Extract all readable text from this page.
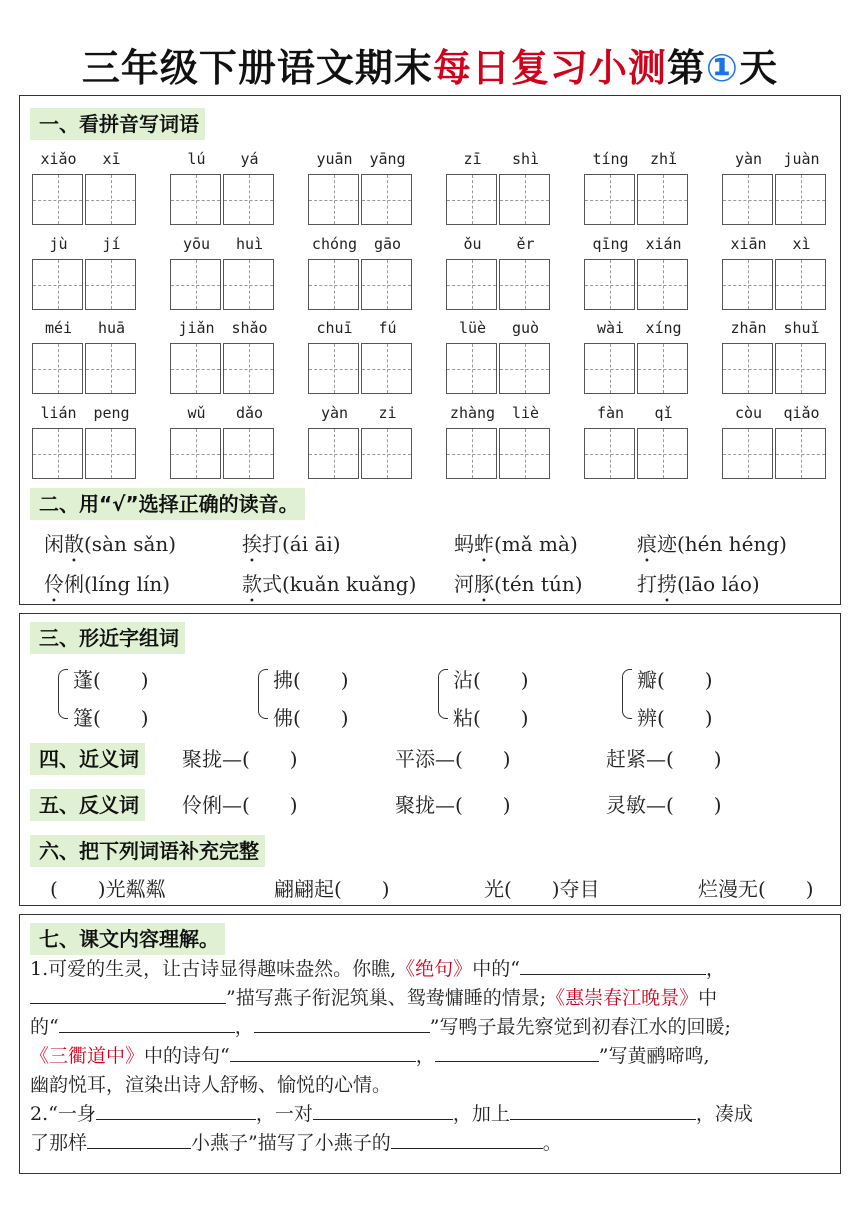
三年级下册语文期末每日复习小测第①天
一、看拼音写词语
xiǎo	xī	lú	yá	yuān	yāng	zī	shì	tíng	zhǐ	yàn	juàn
jù	jí	yōu	huì	chóng	gāo	ǒu	ěr	qīng	xián	xiān	xì
méi	huā	jiǎn	shǎo	chuī	fú	lüè	guò	wài	xíng	zhān	shuǐ
lián	peng	wǔ	dǎo	yàn	zi	zhàng	liè	fàn	qǐ	còu	qiǎo
二、用“√”选择正确的读音。
闲散(sàn sǎn)	挨打(ái āi)	蚂蚱(mǎ mà)	痕迹(hén héng)
伶俐(líng lín)	款式(kuǎn kuǎng) 河豚(tén tún)	打捞(lāo láo)
三、形近字组词
蓬(　　)
篷(　　)
拂(　　)
佛(　　)
沾(　　)
粘(　　)
瓣(　　)
辨(　　)
四、近义词	聚拢—(　　)	平添—(　　)	赶紧—(　　)
五、反义词	伶俐—(　　)	聚拢—(　　)	灵敏—(　　)
六、把下列词语补充完整
(　　)光粼粼	翩翩起(　　)	光(　　)夺目	烂漫无(　　)
七、课文内容理解。
1.可爱的生灵，让古诗显得趣味盎然。你瞧,《绝句》中的“	，
”描写燕子衔泥筑巢、鸳鸯慵睡的情景;《惠崇春江晚景》中
的“	，	”写鸭子最先察觉到初春江水的回暖;
《三衢道中》中的诗句“	，	”写黄鹂啼鸣,
幽韵悦耳，渲染出诗人舒畅、愉悦的心情。
2.“一身	，一对	，加上	，凑成
了那样	小燕子”描写了小燕子的	。
